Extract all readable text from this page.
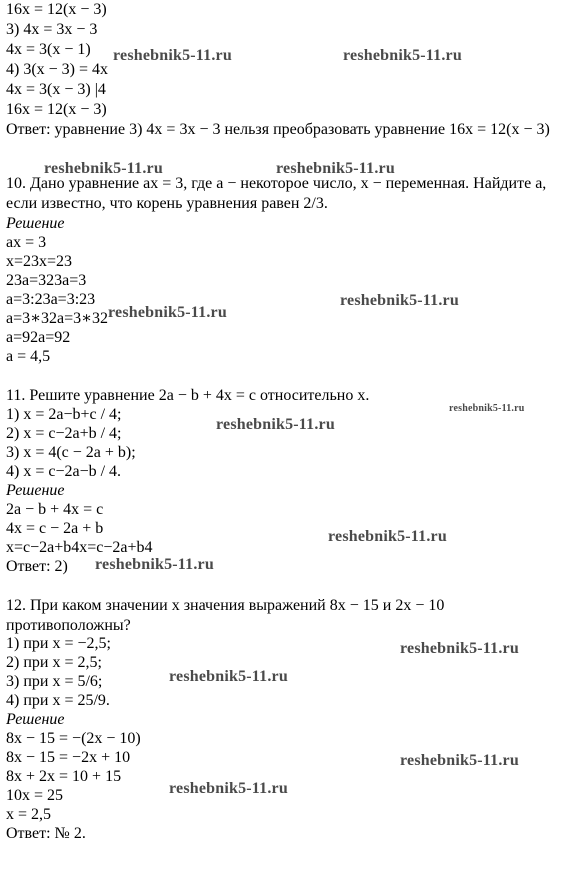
16x = 12(x − 3)
3) 4x = 3x − 3
4x = 3(x − 1)
4) 3(x − 3) = 4x
4x = 3(x − 3) |4
16x = 12(x − 3)
Ответ: уравнение 3) 4x = 3x − 3 нельзя преобразовать уравнение 16x = 12(x − 3)
10. Дано уравнение ax = 3, где a − некоторое число, x − переменная. Найдите a, если известно, что корень уравнения равен 2/3.
Решение
ax = 3
x=23x=23
23a=323a=3
a=3:23a=3:23
a=3∗32a=3∗32
a=92a=92
a = 4,5
11. Решите уравнение 2a − b + 4x = c относительно x.
1) x = 2a−b+c / 4;
2) x = c−2a+b / 4;
3) x = 4(c − 2a + b);
4) x = c−2a−b / 4.
Решение
2a − b + 4x = c
4x = c − 2a + b
x=c−2a+b4x=c−2a+b4
Ответ: 2)
12. При каком значении x значения выражений 8x − 15 и 2x − 10 противоположны?
1) при x = −2,5;
2) при x = 2,5;
3) при x = 5/6;
4) при x = 25/9.
Решение
8x − 15 = −(2x − 10)
8x − 15 = −2x + 10
8x + 2x = 10 + 15
10x = 25
x = 2,5
Ответ: № 2.
reshebnik5-11.ru	reshebnik5-11.ru
reshebnik5-11.ru	reshebnik5-11.ru
reshebnik5-11.ru
reshebnik5-11.ru
reshebnik5-11.ru
reshebnik5-11.ru
reshebnik5-11.ru
reshebnik5-11.ru
reshebnik5-11.ru
reshebnik5-11.ru
reshebnik5-11.ru
reshebnik5-11.ru
